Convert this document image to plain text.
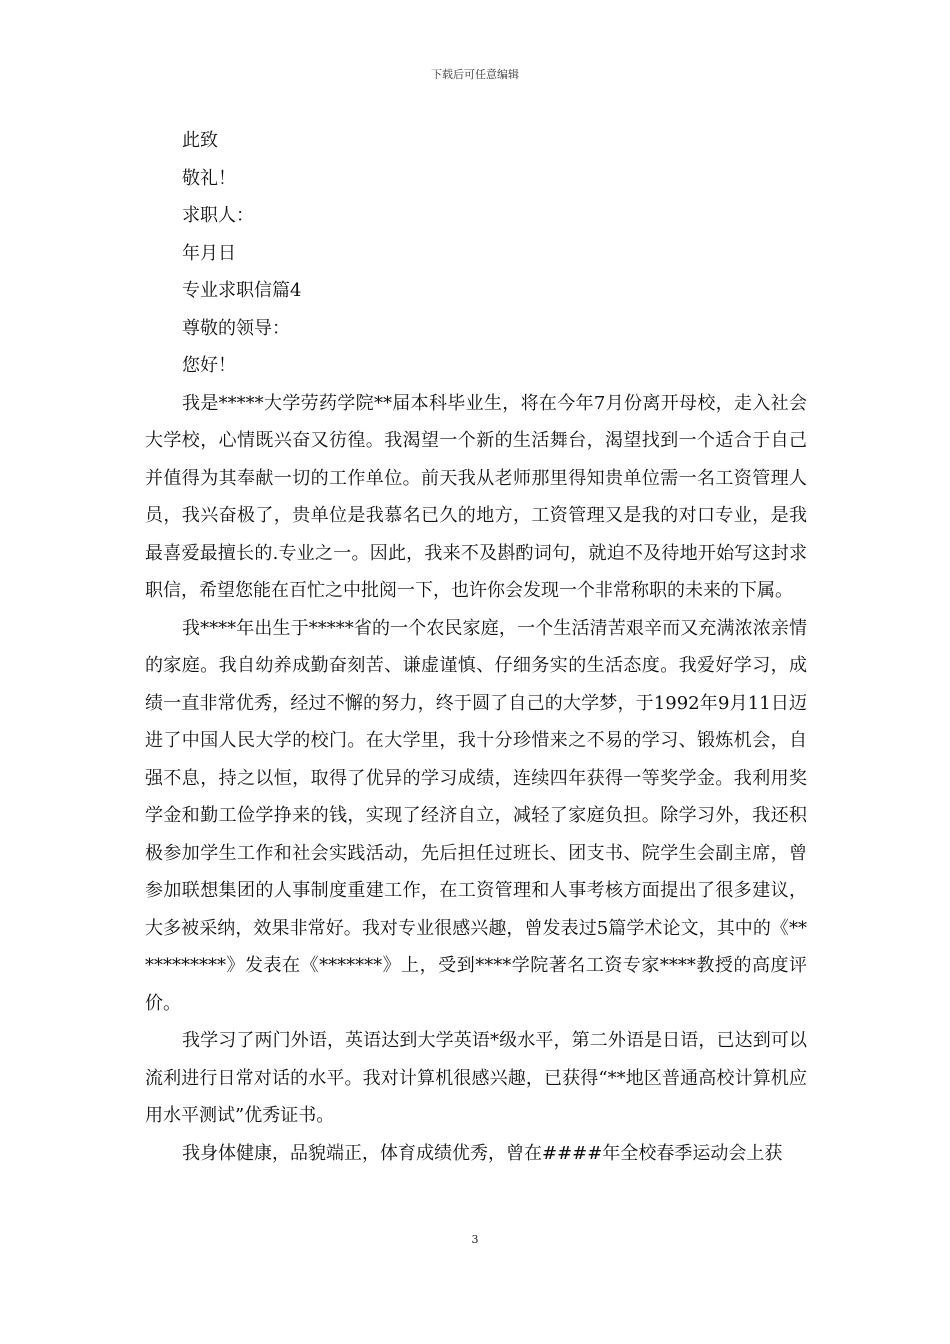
下载后可任意编辑
此致
敬礼！
求职人：
年月日
专业求职信篇4
尊敬的领导：
您好！

我是*****大学劳药学院**届本科毕业生，将在今年7月份离开母校，走入社会大学校，心情既兴奋又彷徨。我渴望一个新的生活舞台，渴望找到一个适合于自己并值得为其奉献一切的工作单位。前天我从老师那里得知贵单位需一名工资管理人员，我兴奋极了，贵单位是我慕名已久的地方，工资管理又是我的对口专业，是我最喜爱最擅长的.专业之一。因此，我来不及斟酌词句，就迫不及待地开始写这封求职信，希望您能在百忙之中批阅一下，也许你会发现一个非常称职的未来的下属。

我****年出生于*****省的一个农民家庭，一个生活清苦艰辛而又充满浓浓亲情的家庭。我自幼养成勤奋刻苦、谦虚谨慎、仔细务实的生活态度。我爱好学习，成绩一直非常优秀，经过不懈的努力，终于圆了自己的大学梦，于1992年9月11日迈进了中国人民大学的校门。在大学里，我十分珍惜来之不易的学习、锻炼机会，自强不息，持之以恒，取得了优异的学习成绩，连续四年获得一等奖学金。我利用奖学金和勤工俭学挣来的钱，实现了经济自立，减轻了家庭负担。除学习外，我还积极参加学生工作和社会实践活动，先后担任过班长、团支书、院学生会副主席，曾参加联想集团的人事制度重建工作，在工资管理和人事考核方面提出了很多建议，大多被采纳，效果非常好。我对专业很感兴趣，曾发表过5篇学术论文，其中的《***********》发表在《*******》上，受到****学院著名工资专家****教授的高度评价。

我学习了两门外语，英语达到大学英语*级水平，第二外语是日语，已达到可以流利进行日常对话的水平。我对计算机很感兴趣，已获得“**地区普通高校计算机应用水平测试”优秀证书。

我身体健康，品貌端正，体育成绩优秀，曾在####年全校春季运动会上获

3
